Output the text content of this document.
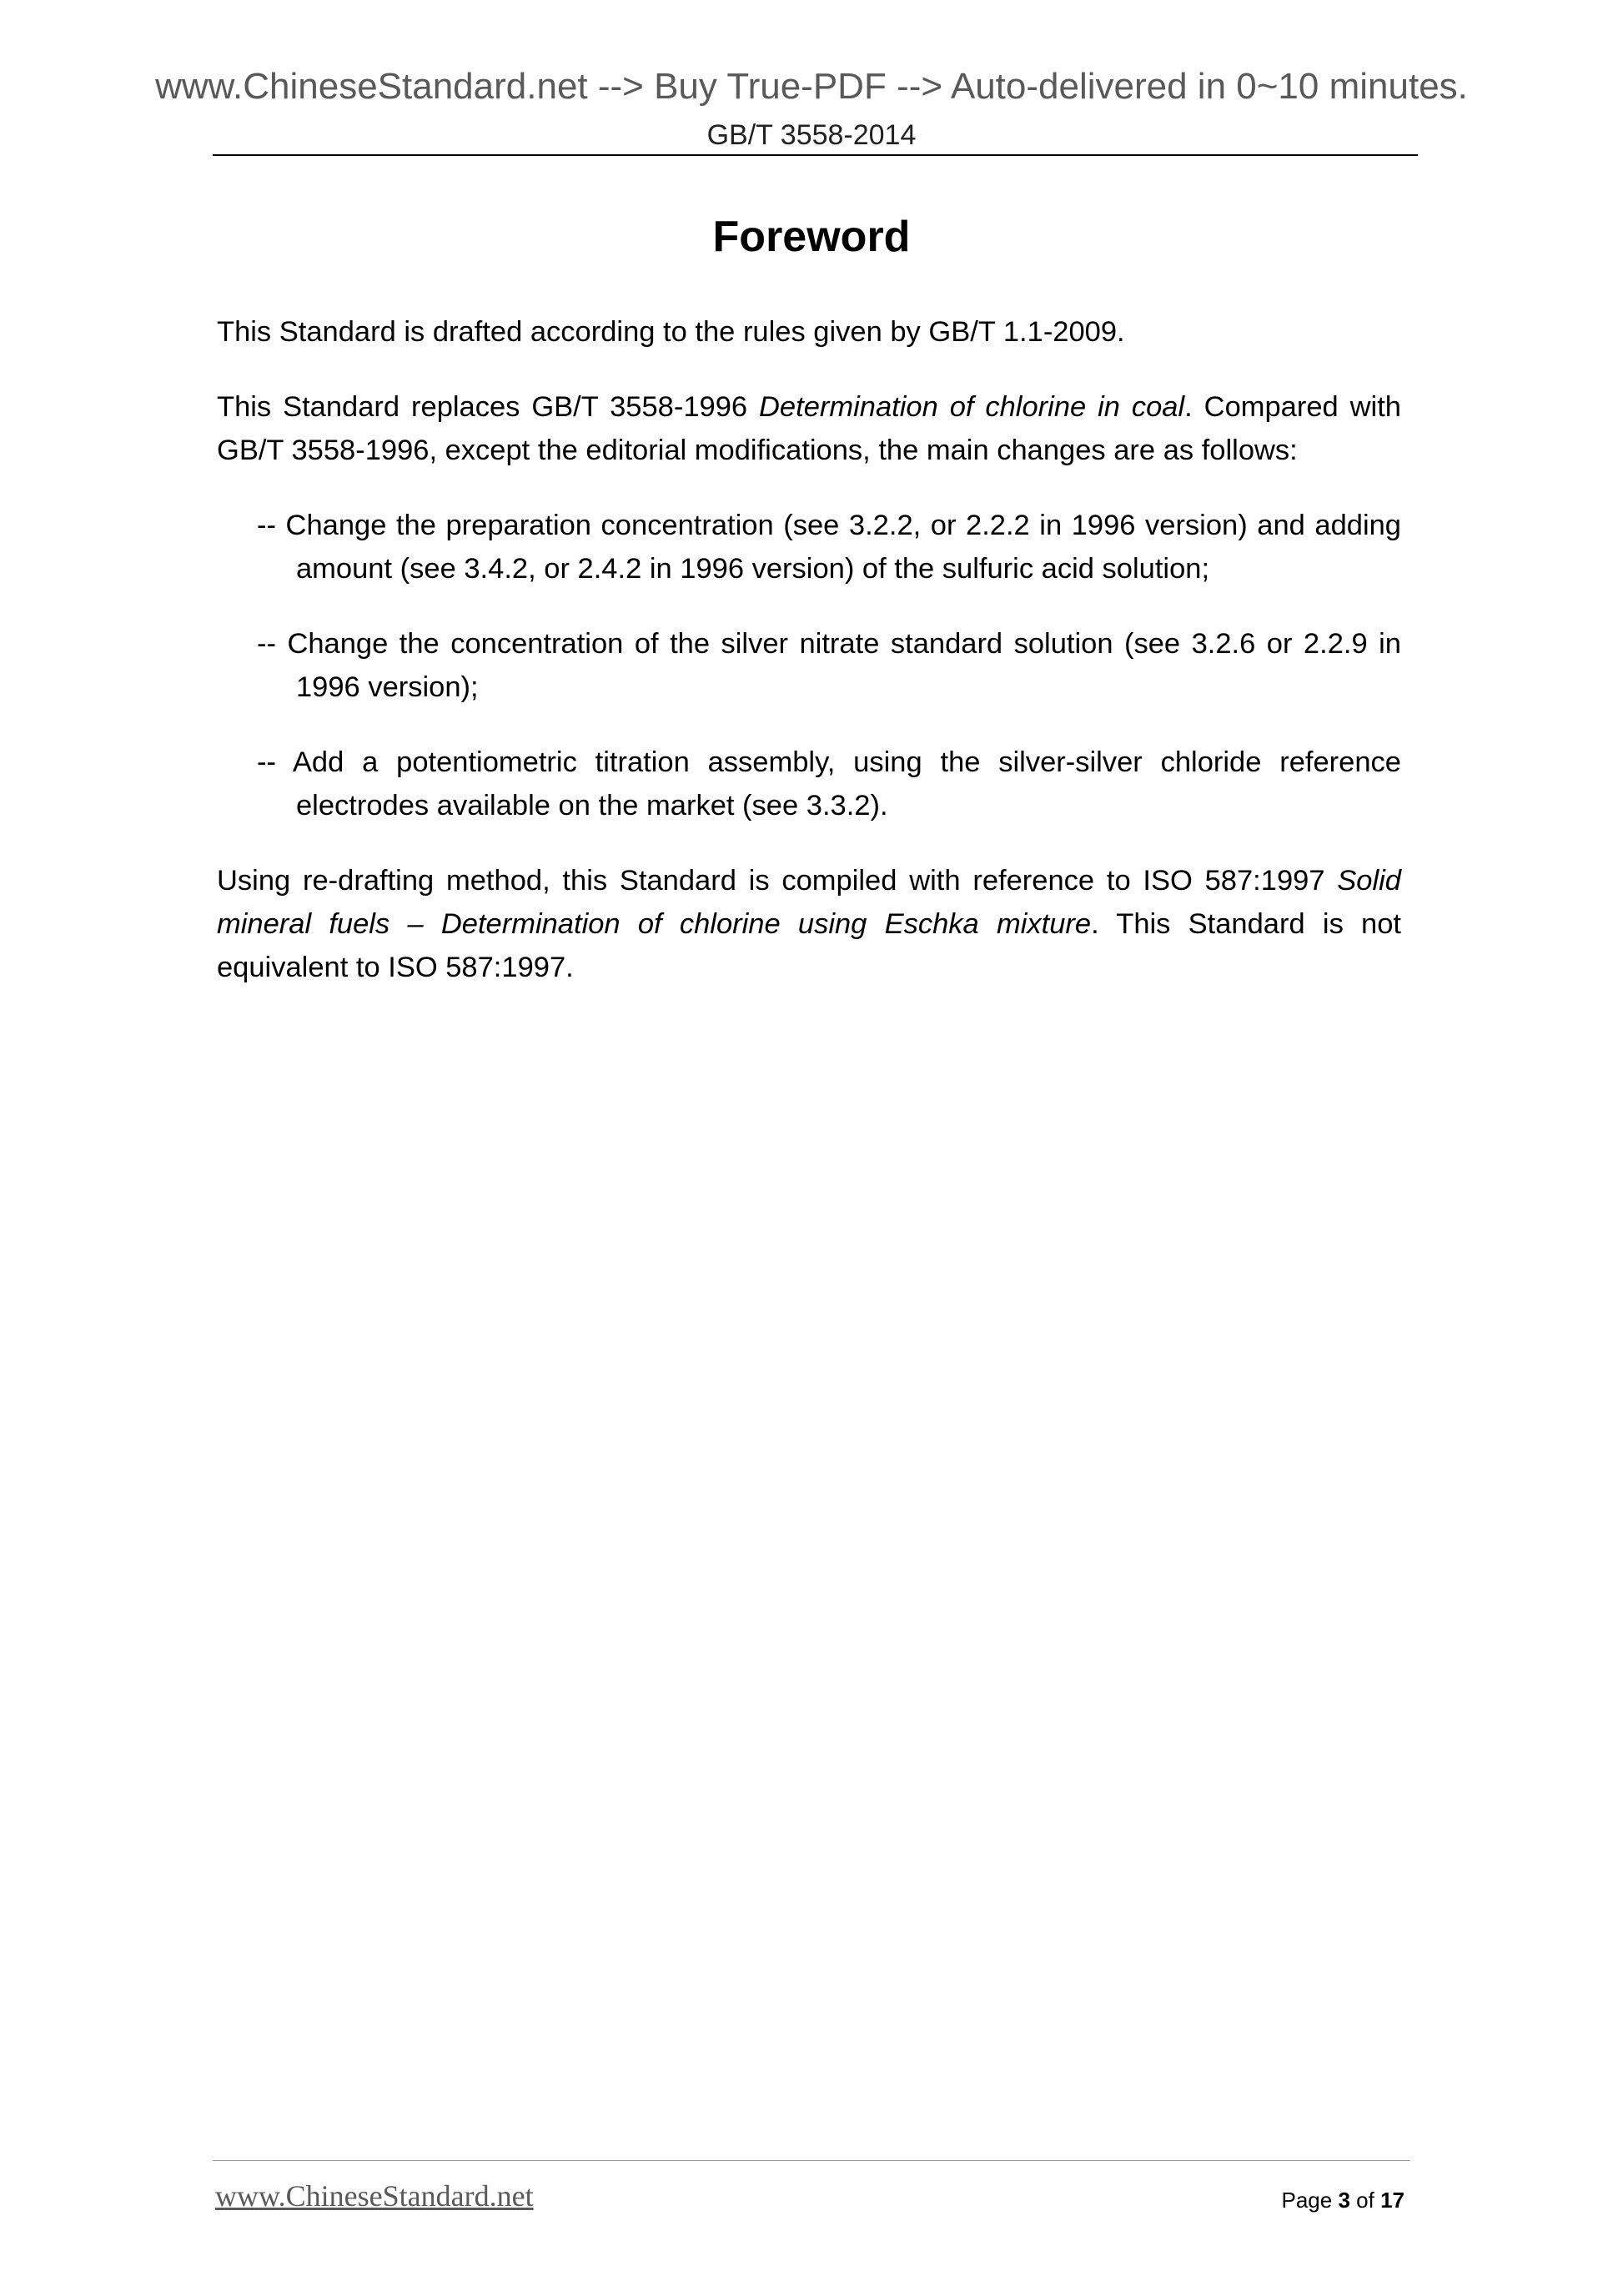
www.ChineseStandard.net --> Buy True-PDF --> Auto-delivered in 0~10 minutes.
GB/T 3558-2014
Foreword

This Standard is drafted according to the rules given by GB/T 1.1-2009.

This Standard replaces GB/T 3558-1996 Determination of chlorine in coal. Compared with GB/T 3558-1996, except the editorial modifications, the main changes are as follows:

-- Change the preparation concentration (see 3.2.2, or 2.2.2 in 1996 version) and adding amount (see 3.4.2, or 2.4.2 in 1996 version) of the sulfuric acid solution;

-- Change the concentration of the silver nitrate standard solution (see 3.2.6 or 2.2.9 in 1996 version);

-- Add a potentiometric titration assembly, using the silver-silver chloride reference electrodes available on the market (see 3.3.2).

Using re-drafting method, this Standard is compiled with reference to ISO 587:1997 Solid mineral fuels – Determination of chlorine using Eschka mixture. This Standard is not equivalent to ISO 587:1997.

www.ChineseStandard.net	Page 3 of 17
